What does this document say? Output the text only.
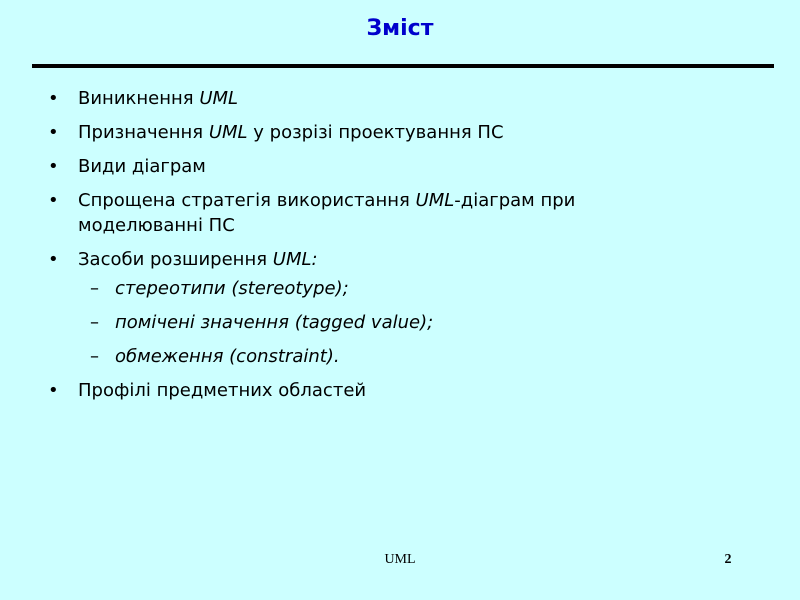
Зміст
• Виникнення UML
• Призначення UML у розрізі проектування ПС
• Види діаграм
• Спрощена стратегія використання UML-діаграм при моделюванні ПС
• Засоби розширення UML:
– стереотипи (stereotype);
– помічені значення (tagged value);
– обмеження (constraint).
• Профілі предметних областей
UML	2
